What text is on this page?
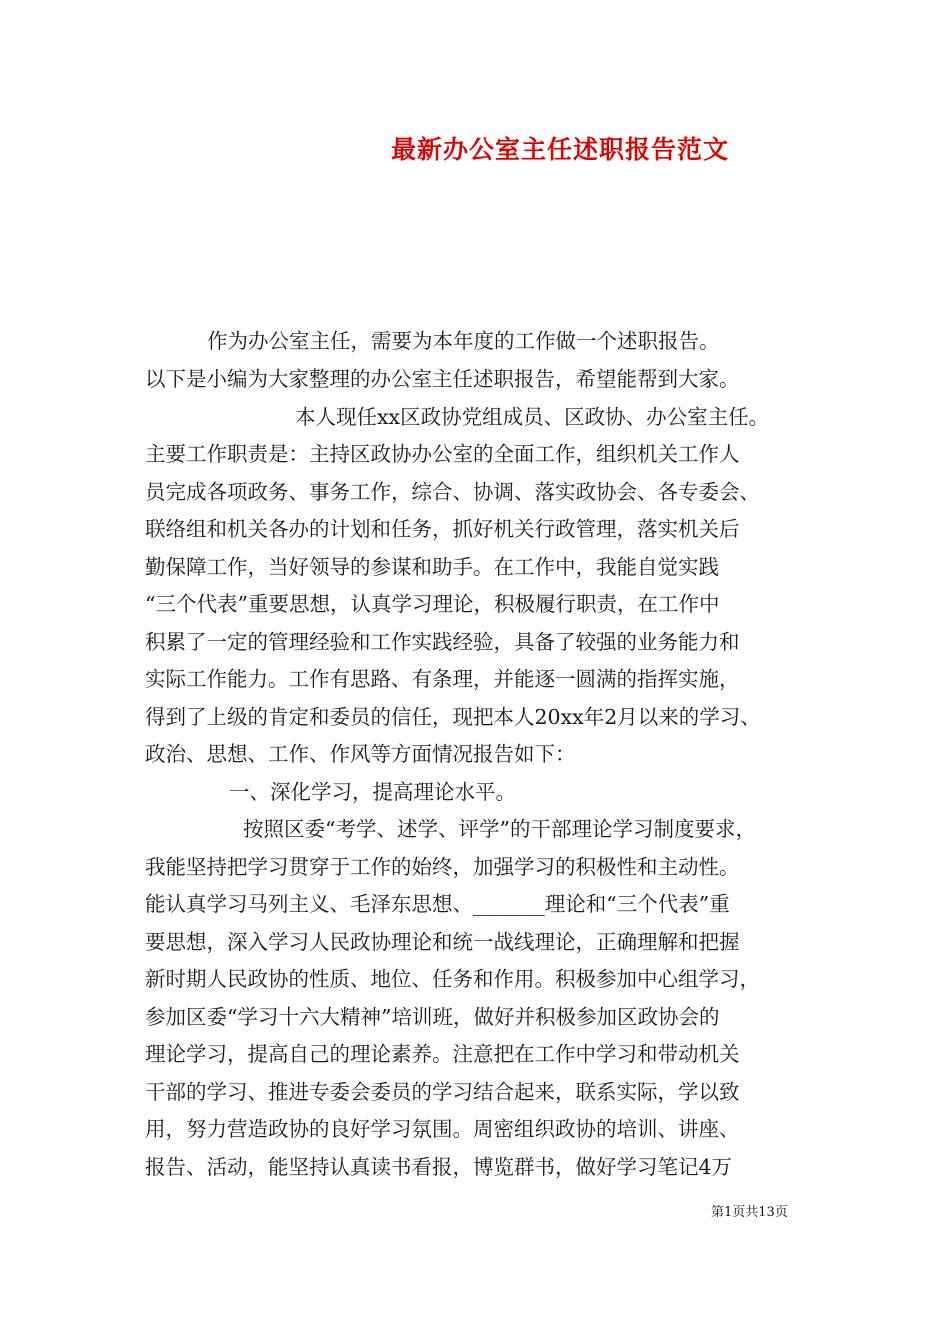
最新办公室主任述职报告范文
作为办公室主任，需要为本年度的工作做一个述职报告。
以下是小编为大家整理的办公室主任述职报告，希望能帮到大家。
本人现任xx区政协党组成员、区政协、办公室主任。
主要工作职责是：主持区政协办公室的全面工作，组织机关工作人
员完成各项政务、事务工作，综合、协调、落实政协会、各专委会、
联络组和机关各办的计划和任务，抓好机关行政管理，落实机关后
勤保障工作，当好领导的参谋和助手。在工作中，我能自觉实践
“三个代表”重要思想，认真学习理论，积极履行职责，在工作中
积累了一定的管理经验和工作实践经验，具备了较强的业务能力和
实际工作能力。工作有思路、有条理，并能逐一圆满的指挥实施，
得到了上级的肯定和委员的信任，现把本人20xx年2月以来的学习、
政治、思想、工作、作风等方面情况报告如下：
一、深化学习，提高理论水平。
按照区委“考学、述学、评学”的干部理论学习制度要求，
我能坚持把学习贯穿于工作的始终，加强学习的积极性和主动性。
能认真学习马列主义、毛泽东思想、_______理论和“三个代表”重
要思想，深入学习人民政协理论和统一战线理论，正确理解和把握
新时期人民政协的性质、地位、任务和作用。积极参加中心组学习，
参加区委“学习十六大精神”培训班，做好并积极参加区政协会的
理论学习，提高自己的理论素养。注意把在工作中学习和带动机关
干部的学习、推进专委会委员的学习结合起来，联系实际，学以致
用，努力营造政协的良好学习氛围。周密组织政协的培训、讲座、
报告、活动，能坚持认真读书看报，博览群书，做好学习笔记4万
第1页共13页
